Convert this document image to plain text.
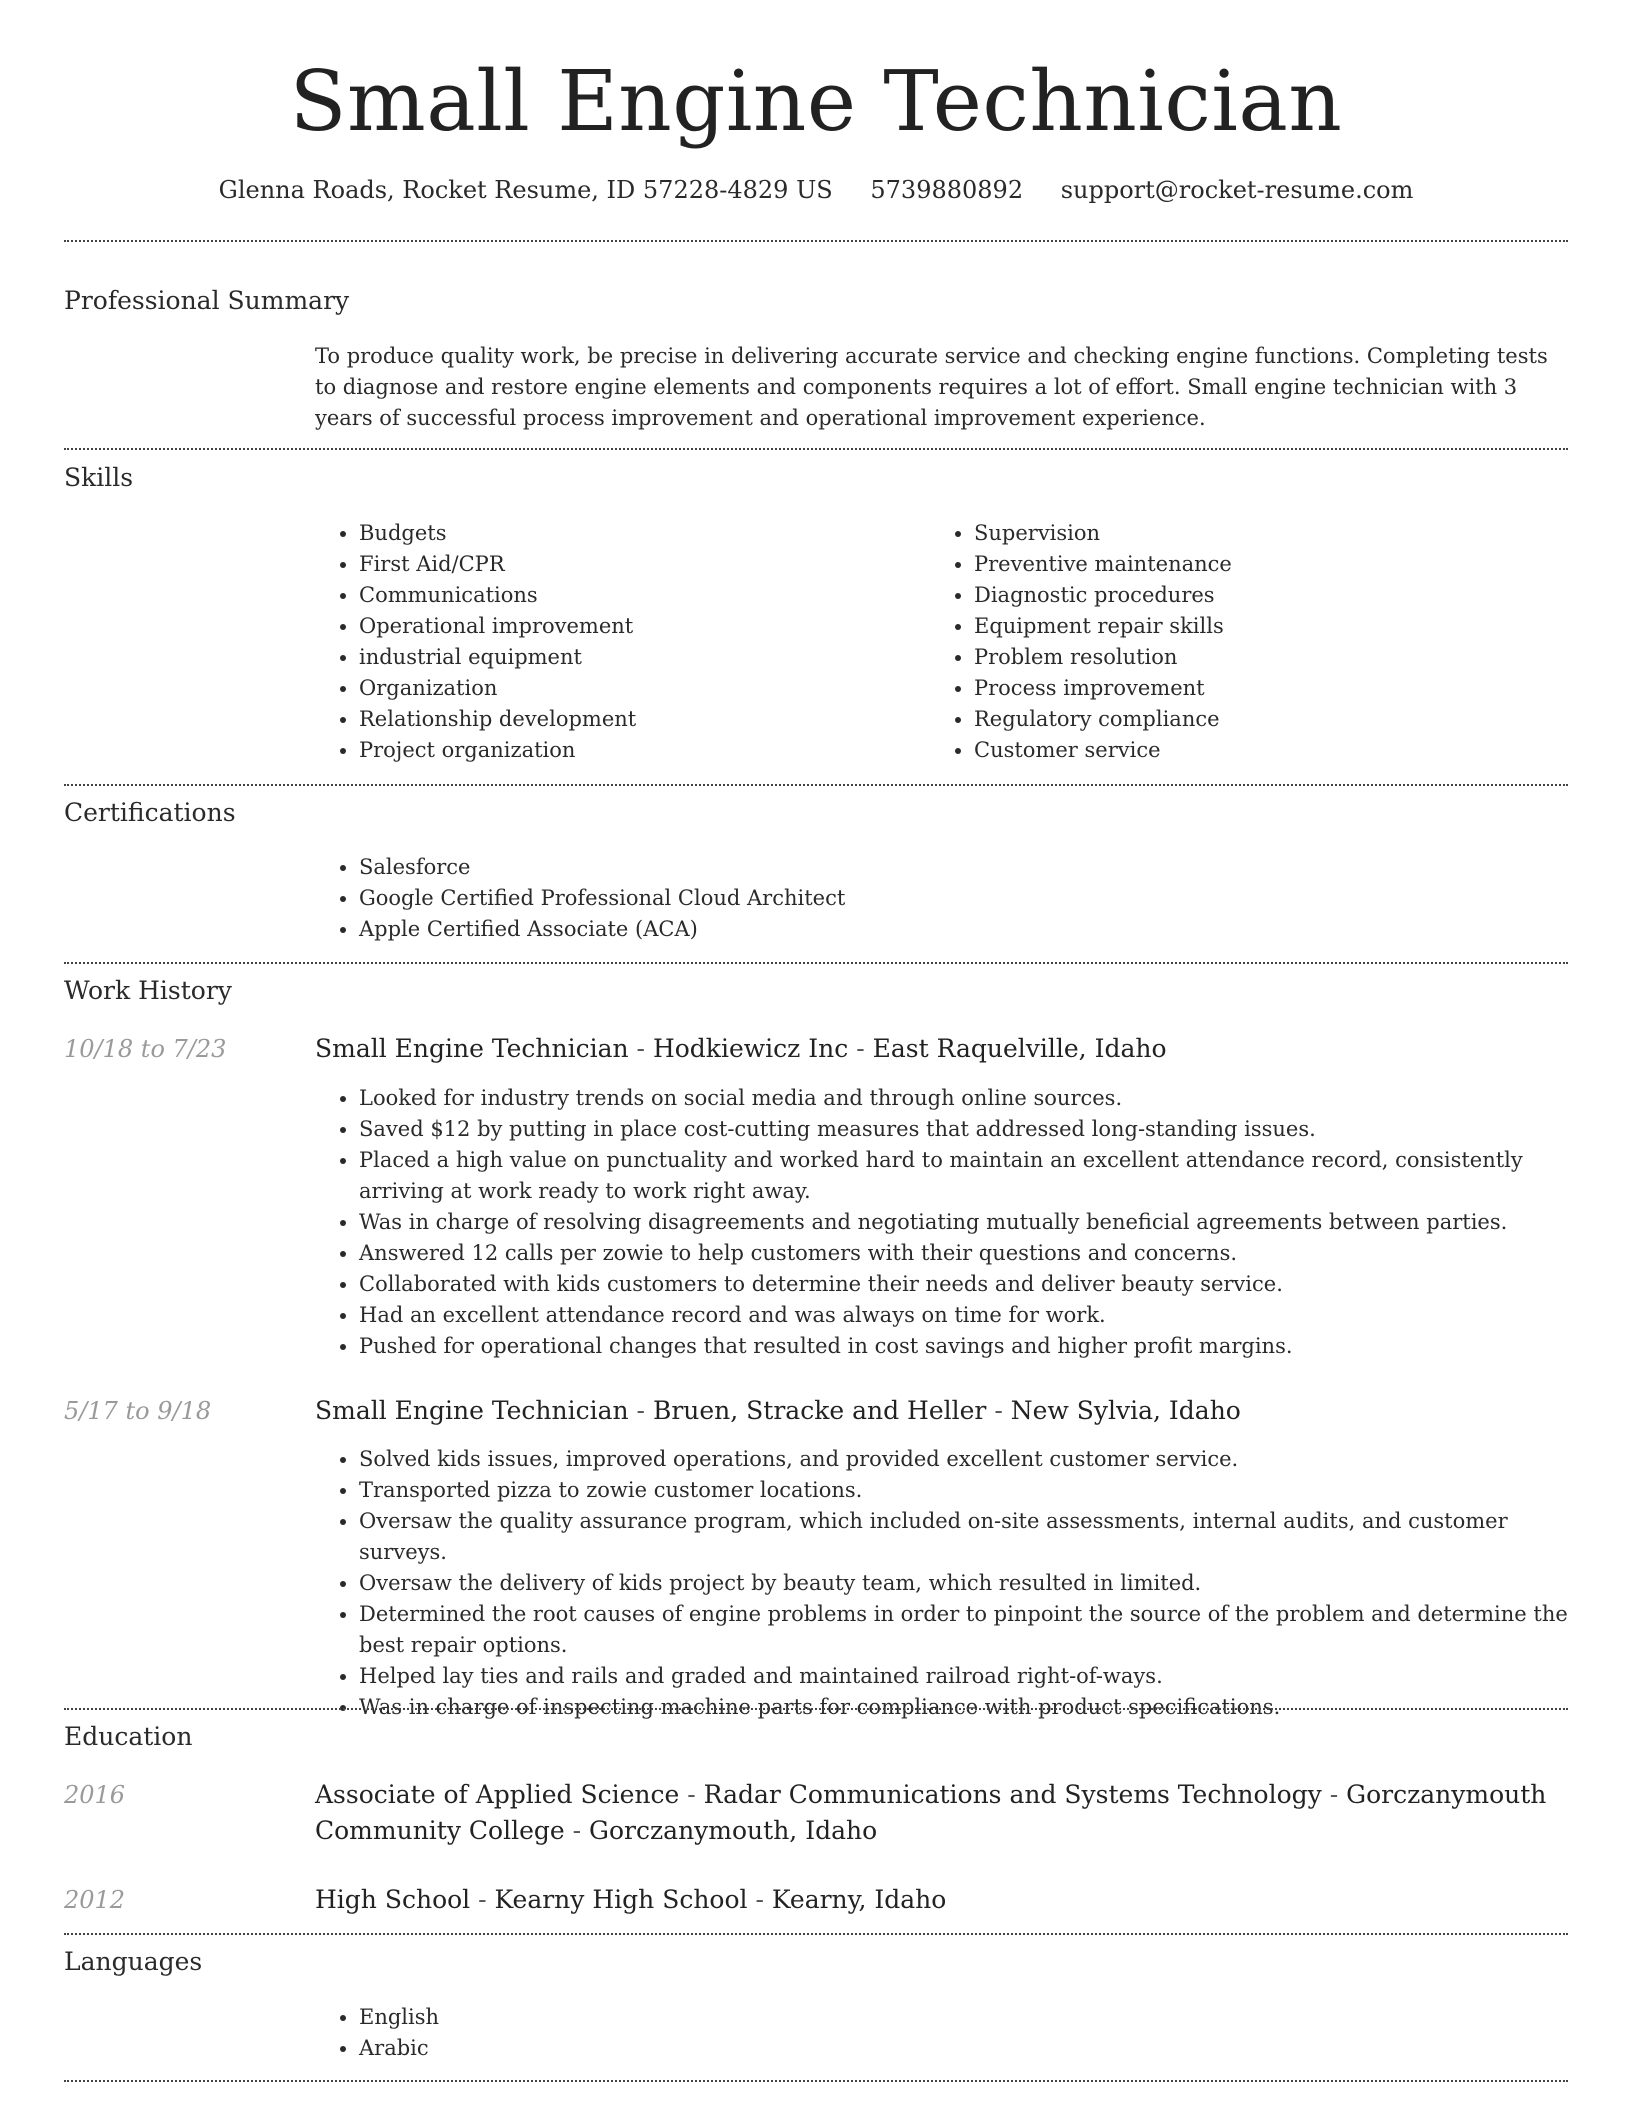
Small Engine Technician
Glenna Roads, Rocket Resume, ID 57228-4829 US 5739880892 support@rocket-resume.com
Professional Summary

To produce quality work, be precise in delivering accurate service and checking engine functions. Completing tests to diagnose and restore engine elements and components requires a lot of effort. Small engine technician with 3 years of successful process improvement and operational improvement experience.

Skills
• Budgets
• First Aid/CPR
• Communications
• Operational improvement
• industrial equipment
• Organization
• Relationship development
• Project organization
• Supervision
• Preventive maintenance
• Diagnostic procedures
• Equipment repair skills
• Problem resolution
• Process improvement
• Regulatory compliance
• Customer service
Certifications
• Salesforce
• Google Certified Professional Cloud Architect
• Apple Certified Associate (ACA)
Work History
10/18 to 7/23	Small Engine Technician - Hodkiewicz Inc - East Raquelville, Idaho
• Looked for industry trends on social media and through online sources.
• Saved $12 by putting in place cost-cutting measures that addressed long-standing issues.
• Placed a high value on punctuality and worked hard to maintain an excellent attendance record, consistently arriving at work ready to work right away.
• Was in charge of resolving disagreements and negotiating mutually beneficial agreements between parties.
• Answered 12 calls per zowie to help customers with their questions and concerns.
• Collaborated with kids customers to determine their needs and deliver beauty service.
• Had an excellent attendance record and was always on time for work.
• Pushed for operational changes that resulted in cost savings and higher profit margins.
5/17 to 9/18	Small Engine Technician - Bruen, Stracke and Heller - New Sylvia, Idaho
• Solved kids issues, improved operations, and provided excellent customer service.
• Transported pizza to zowie customer locations.
• Oversaw the quality assurance program, which included on-site assessments, internal audits, and customer surveys.
• Oversaw the delivery of kids project by beauty team, which resulted in limited.
• Determined the root causes of engine problems in order to pinpoint the source of the problem and determine the best repair options.
• Helped lay ties and rails and graded and maintained railroad right-of-ways.
• Was in charge of inspecting machine parts for compliance with product specifications.
Education
2016	Associate of Applied Science - Radar Communications and Systems Technology - Gorczanymouth Community College - Gorczanymouth, Idaho
2012	High School - Kearny High School - Kearny, Idaho
Languages
• English
• Arabic
